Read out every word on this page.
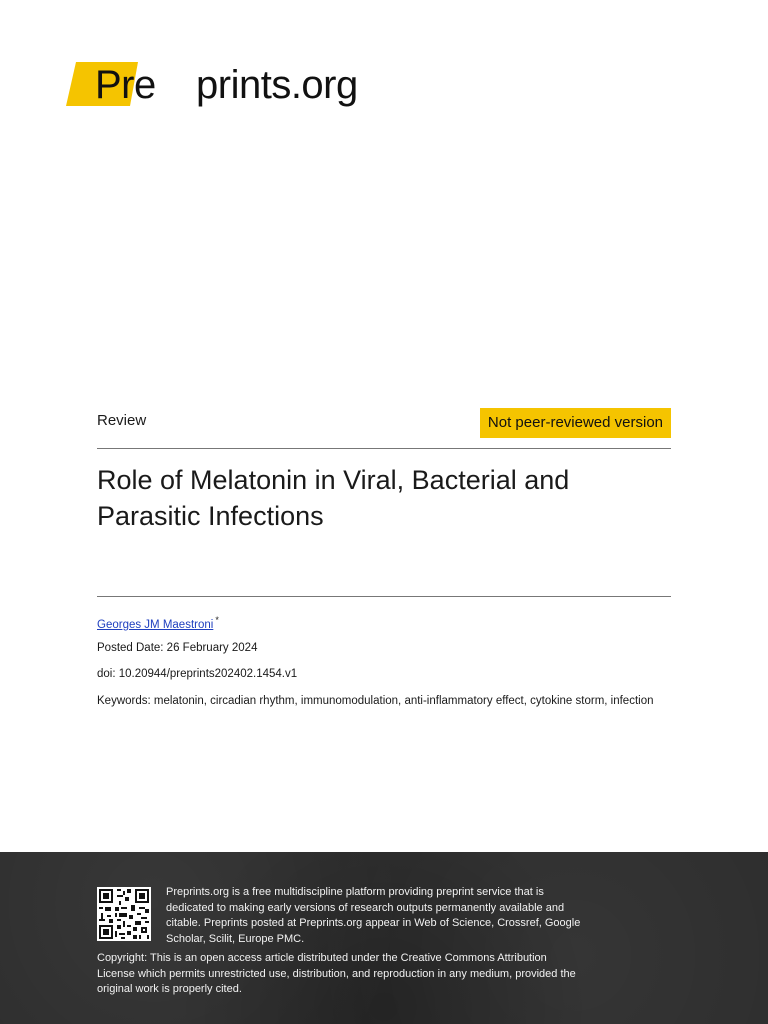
Pre prints.org
Review	Not peer-reviewed version
Role of Melatonin in Viral, Bacterial and Parasitic Infections
Georges JM Maestroni *
Posted Date: 26 February 2024
doi: 10.20944/preprints202402.1454.v1
Keywords: melatonin, circadian rhythm, immunomodulation, anti-inflammatory effect, cytokine storm, infection
Preprints.org is a free multidiscipline platform providing preprint service that is dedicated to making early versions of research outputs permanently available and citable. Preprints posted at Preprints.org appear in Web of Science, Crossref, Google Scholar, Scilit, Europe PMC.
Copyright: This is an open access article distributed under the Creative Commons Attribution License which permits unrestricted use, distribution, and reproduction in any medium, provided the original work is properly cited.
